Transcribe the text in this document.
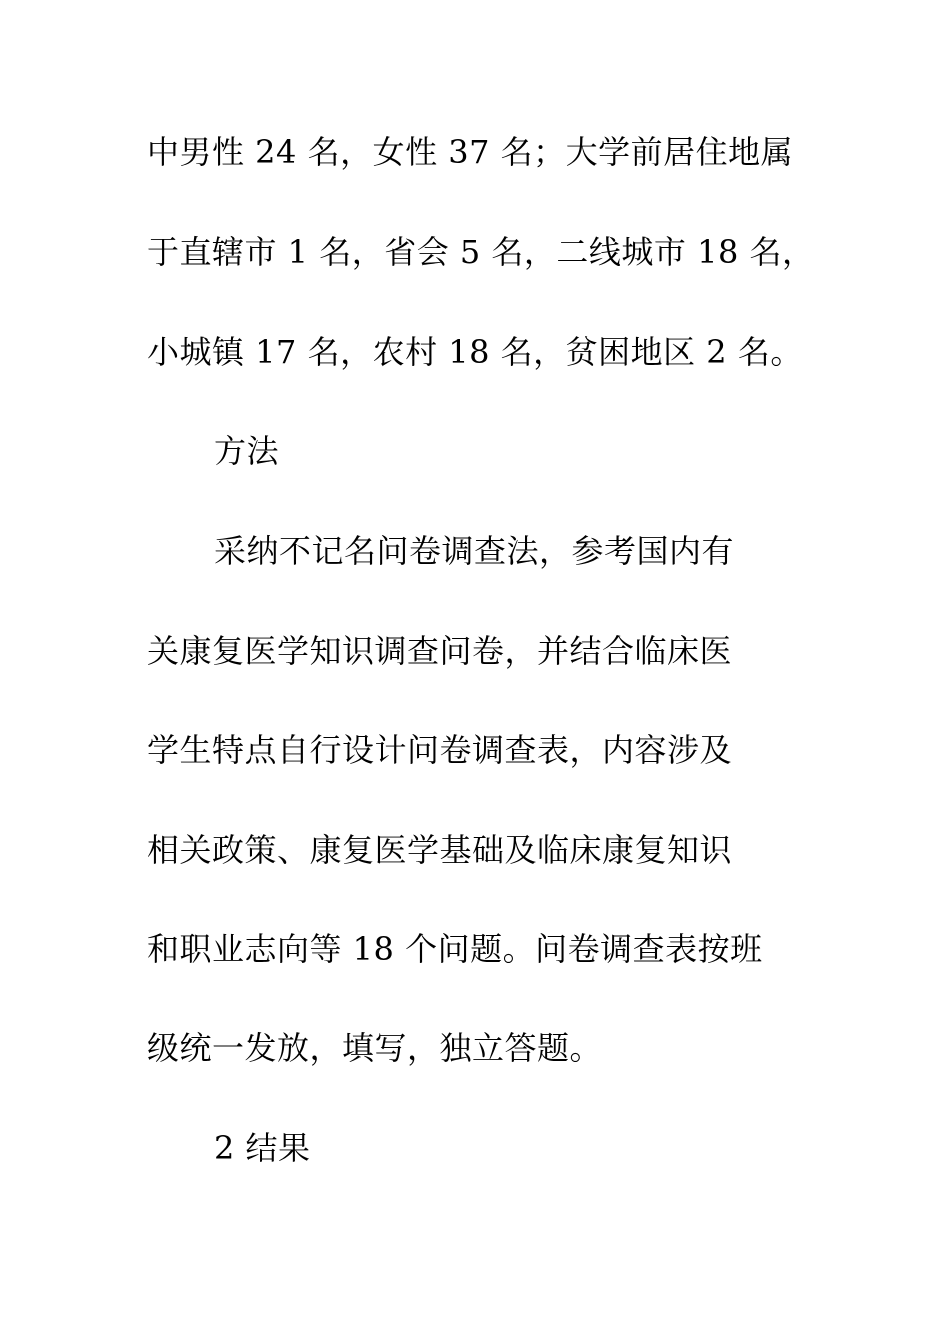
中男性 24 名，女性 37 名；大学前居住地属
于直辖市 1 名，省会 5 名，二线城市 18 名，
小城镇 17 名，农村 18 名，贫困地区 2 名。
方法
采纳不记名问卷调查法，参考国内有
关康复医学知识调查问卷，并结合临床医
学生特点自行设计问卷调查表，内容涉及
相关政策、康复医学基础及临床康复知识
和职业志向等 18 个问题。问卷调查表按班
级统一发放，填写，独立答题。
2 结果
